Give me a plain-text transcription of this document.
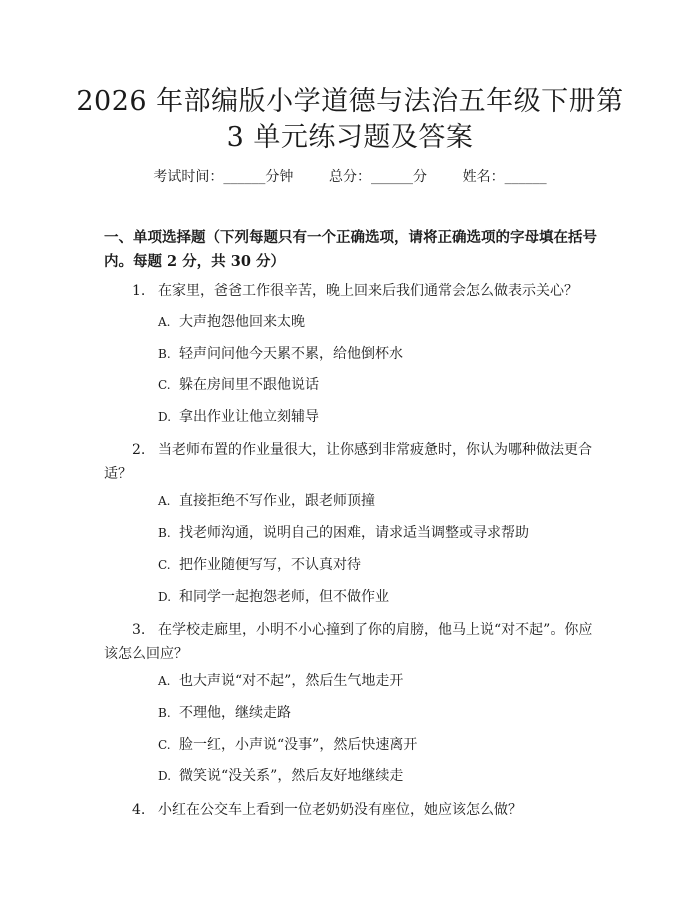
2026 年部编版小学道德与法治五年级下册第
3 单元练习题及答案
考试时间：______分钟        总分：______分        姓名：______

一、单项选择题（下列每题只有一个正确选项，请将正确选项的字母填在括号内。每题 2 分，共 30 分）

1. 在家里，爸爸工作很辛苦，晚上回来后我们通常会怎么做表示关心？

A. 大声抱怨他回来太晚
B. 轻声问问他今天累不累，给他倒杯水
C. 躲在房间里不跟他说话
D. 拿出作业让他立刻辅导

2. 当老师布置的作业量很大，让你感到非常疲惫时，你认为哪种做法更合适？

A. 直接拒绝不写作业，跟老师顶撞
B. 找老师沟通，说明自己的困难，请求适当调整或寻求帮助
C. 把作业随便写写，不认真对待
D. 和同学一起抱怨老师，但不做作业

3. 在学校走廊里，小明不小心撞到了你的肩膀，他马上说“对不起”。你应该怎么回应？

A. 也大声说“对不起”，然后生气地走开
B. 不理他，继续走路
C. 脸一红，小声说“没事”，然后快速离开
D. 微笑说“没关系”，然后友好地继续走

4. 小红在公交车上看到一位老奶奶没有座位，她应该怎么做？
